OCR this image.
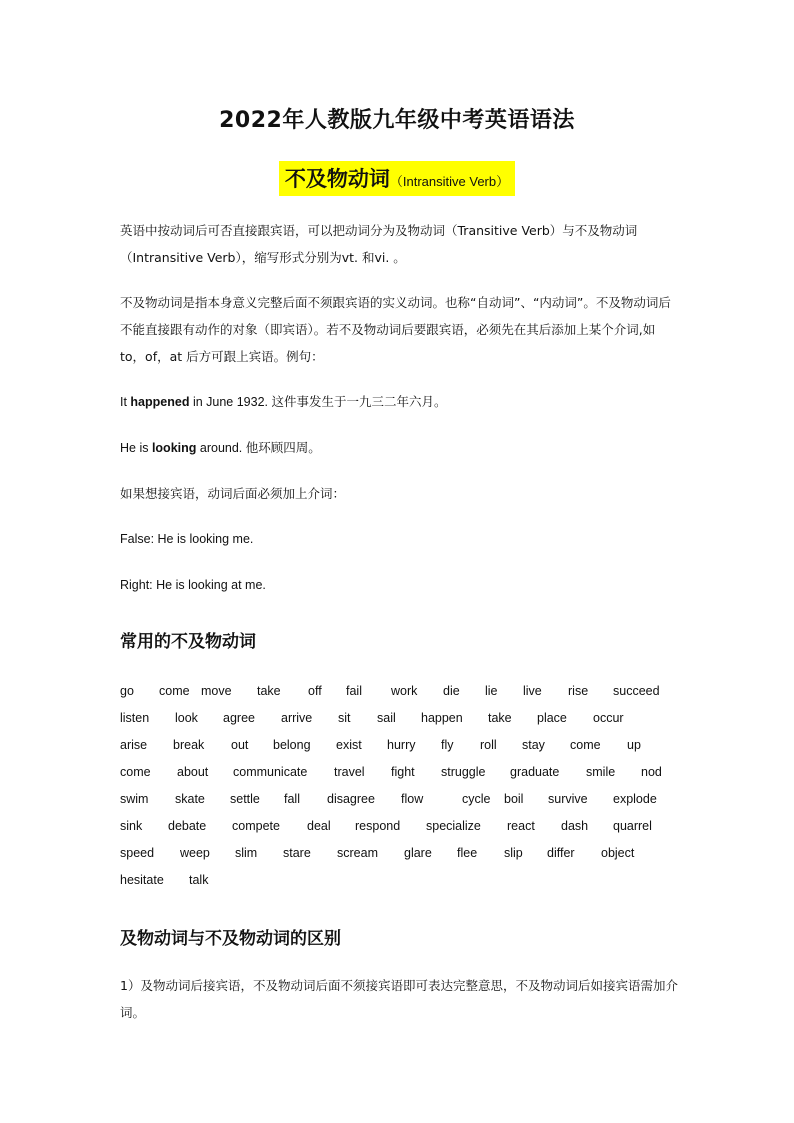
2022年人教版九年级中考英语语法
不及物动词（Intransitive Verb）
英语中按动词后可否直接跟宾语，可以把动词分为及物动词（Transitive Verb）与不及物动词（Intransitive Verb），缩写形式分别为vt. 和vi. 。
不及物动词是指本身意义完整后面不须跟宾语的实义动词。也称“自动词”、“内动词”。不及物动词后不能直接跟有动作的对象（即宾语）。若不及物动词后要跟宾语，必须先在其后添加上某个介词,如to，of，at 后方可跟上宾语。例句：
It happened in June 1932. 这件事发生于一九三二年六月。
He is looking around. 他环顾四周。
如果想接宾语，动词后面必须加上介词：
False: He is looking me.
Right: He is looking at me.
常用的不及物动词
go come move take off fail work die lie live rise succeed
listen look agree arrive sit sail happen take place occur
arise break out belong exist hurry fly roll stay come up
come about communicate travel fight struggle graduate smile nod
swim skate settle fall disagree flow	cycle boil survive explode
sink debate compete deal respond specialize react dash quarrel
speed weep slim stare scream glare flee slip differ object
hesitate talk
及物动词与不及物动词的区别
1）及物动词后接宾语，不及物动词后面不须接宾语即可表达完整意思，不及物动词后如接宾语需加介词。
